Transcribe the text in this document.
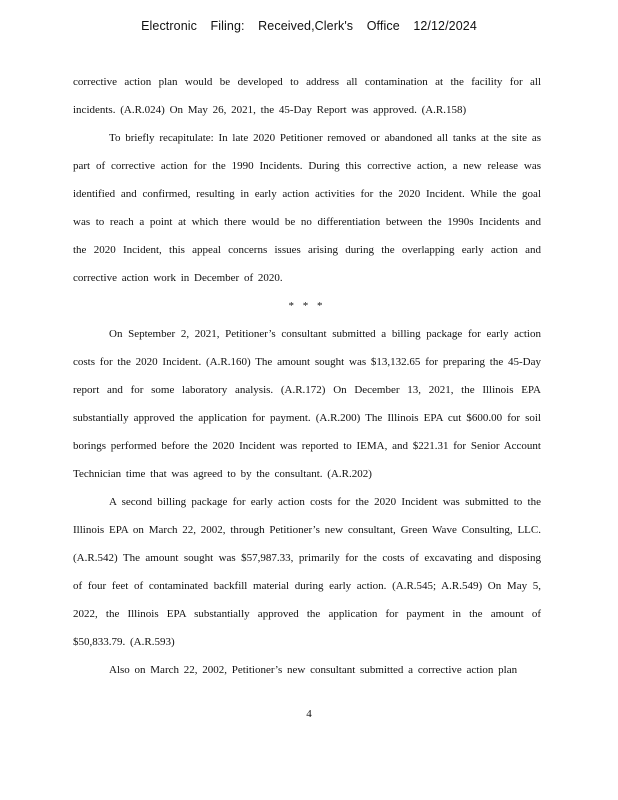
Electronic Filing: Received,Clerk's Office 12/12/2024

corrective action plan would be developed to address all contamination at the facility for all incidents. (A.R.024) On May 26, 2021, the 45-Day Report was approved. (A.R.158)

To briefly recapitulate: In late 2020 Petitioner removed or abandoned all tanks at the site as part of corrective action for the 1990 Incidents. During this corrective action, a new release was identified and confirmed, resulting in early action activities for the 2020 Incident. While the goal was to reach a point at which there would be no differentiation between the 1990s Incidents and the 2020 Incident, this appeal concerns issues arising during the overlapping early action and corrective action work in December of 2020.

* * *

On September 2, 2021, Petitioner’s consultant submitted a billing package for early action costs for the 2020 Incident. (A.R.160) The amount sought was $13,132.65 for preparing the 45-Day report and for some laboratory analysis. (A.R.172) On December 13, 2021, the Illinois EPA substantially approved the application for payment. (A.R.200) The Illinois EPA cut $600.00 for soil borings performed before the 2020 Incident was reported to IEMA, and $221.31 for Senior Account Technician time that was agreed to by the consultant. (A.R.202)

A second billing package for early action costs for the 2020 Incident was submitted to the Illinois EPA on March 22, 2002, through Petitioner’s new consultant, Green Wave Consulting, LLC. (A.R.542) The amount sought was $57,987.33, primarily for the costs of excavating and disposing of four feet of contaminated backfill material during early action. (A.R.545; A.R.549) On May 5, 2022, the Illinois EPA substantially approved the application for payment in the amount of $50,833.79. (A.R.593)

Also on March 22, 2002, Petitioner’s new consultant submitted a corrective action plan

4
